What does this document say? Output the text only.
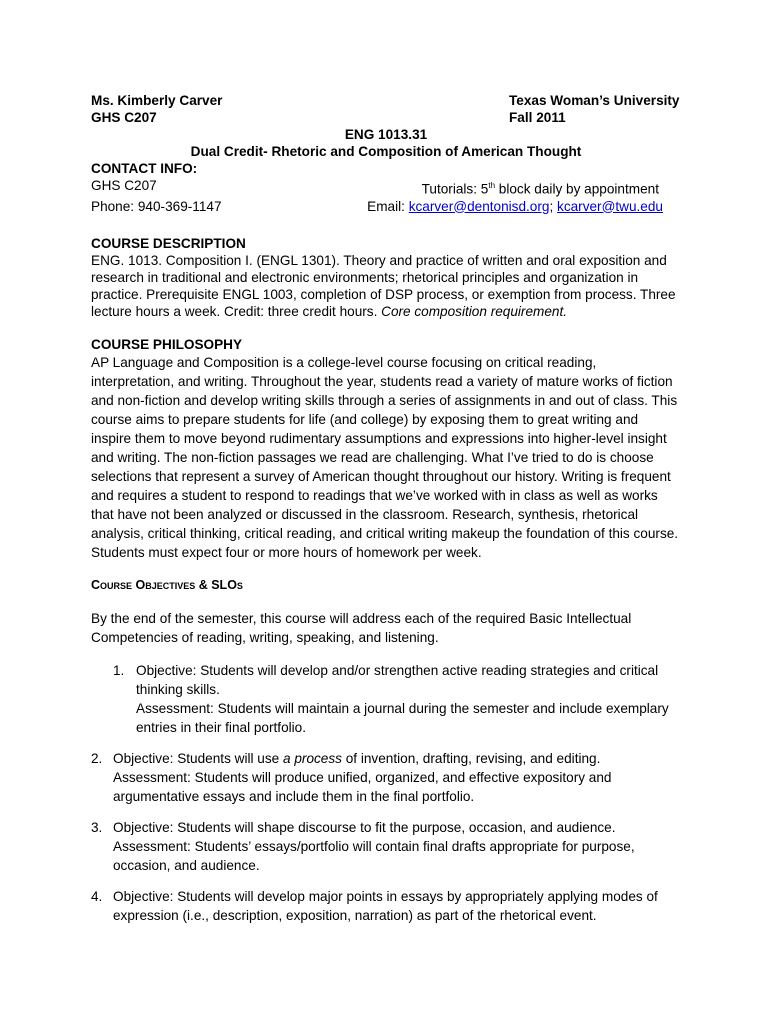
Ms. Kimberly Carver	Texas Woman’s University
GHS C207	Fall 2011
ENG 1013.31
Dual Credit- Rhetoric and Composition of American Thought
CONTACT INFO:
GHS C207	Tutorials: 5th block daily by appointment
Phone: 940-369-1147	Email: kcarver@dentonisd.org; kcarver@twu.edu
COURSE DESCRIPTION

ENG. 1013. Composition I. (ENGL 1301). Theory and practice of written and oral exposition and research in traditional and electronic environments; rhetorical principles and organization in practice. Prerequisite ENGL 1003, completion of DSP process, or exemption from process. Three lecture hours a week. Credit: three credit hours. Core composition requirement.

COURSE PHILOSOPHY

AP Language and Composition is a college-level course focusing on critical reading, interpretation, and writing. Throughout the year, students read a variety of mature works of fiction and non-fiction and develop writing skills through a series of assignments in and out of class. This course aims to prepare students for life (and college) by exposing them to great writing and inspire them to move beyond rudimentary assumptions and expressions into higher-level insight and writing. The non-fiction passages we read are challenging. What I’ve tried to do is choose selections that represent a survey of American thought throughout our history. Writing is frequent and requires a student to respond to readings that we’ve worked with in class as well as works that have not been analyzed or discussed in the classroom. Research, synthesis, rhetorical analysis, critical thinking, critical reading, and critical writing makeup the foundation of this course. Students must expect four or more hours of homework per week.

Course Objectives & SLOs

By the end of the semester, this course will address each of the required Basic Intellectual Competencies of reading, writing, speaking, and listening.

1. Objective: Students will develop and/or strengthen active reading strategies and critical thinking skills.
Assessment: Students will maintain a journal during the semester and include exemplary entries in their final portfolio.
2. Objective: Students will use a process of invention, drafting, revising, and editing.
Assessment: Students will produce unified, organized, and effective expository and argumentative essays and include them in the final portfolio.
3. Objective: Students will shape discourse to fit the purpose, occasion, and audience.
Assessment: Students’ essays/portfolio will contain final drafts appropriate for purpose, occasion, and audience.
4. Objective: Students will develop major points in essays by appropriately applying modes of expression (i.e., description, exposition, narration) as part of the rhetorical event.
